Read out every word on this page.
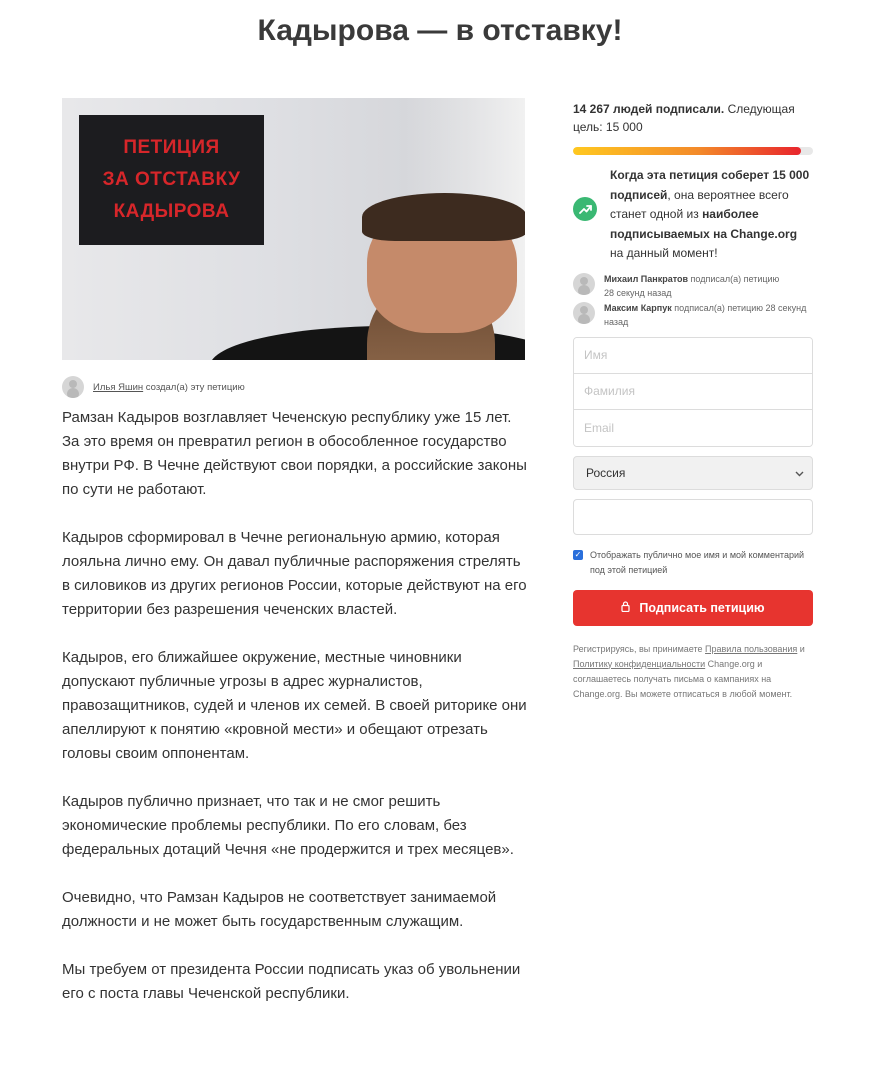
Кадырова — в отставку!
ПЕТИЦИЯ
ЗА ОТСТАВКУ
КАДЫРОВА
Илья Яшин создал(а) эту петицию

Рамзан Кадыров возглавляет Чеченскую республику уже 15 лет. За это время он превратил регион в обособленное государство внутри РФ. В Чечне действуют свои порядки, а российские законы по сути не работают.

Кадыров сформировал в Чечне региональную армию, которая лояльна лично ему. Он давал публичные распоряжения стрелять в силовиков из других регионов России, которые действуют на его территории без разрешения чеченских властей.

Кадыров, его ближайшее окружение, местные чиновники допускают публичные угрозы в адрес журналистов, правозащитников, судей и членов их семей. В своей риторике они апеллируют к понятию «кровной мести» и обещают отрезать головы своим оппонентам.

Кадыров публично признает, что так и не смог решить экономические проблемы республики. По его словам, без федеральных дотаций Чечня «не продержится и трех месяцев».

Очевидно, что Рамзан Кадыров не соответствует занимаемой должности и не может быть государственным служащим.

Мы требуем от президента России подписать указ об увольнении его с поста главы Чеченской республики.

14 267 людей подписали. Следующая цель: 15 000

Когда эта петиция соберет 15 000 подписей, она вероятнее всего станет одной из наиболее подписываемых на Change.org на данный момент!
Михаил Панкратов подписал(а) петицию
28 секунд назад
Максим Карпук подписал(а) петицию 28 секунд назад
Имя
Фамилия
Email
Россия
✓ Отображать публично мое имя и мой комментарий под этой петицией
Подписать петицию
Регистрируясь, вы принимаете Правила пользования и Политику конфиденциальности Change.org и соглашаетесь получать письма о кампаниях на Change.org. Вы можете отписаться в любой момент.
